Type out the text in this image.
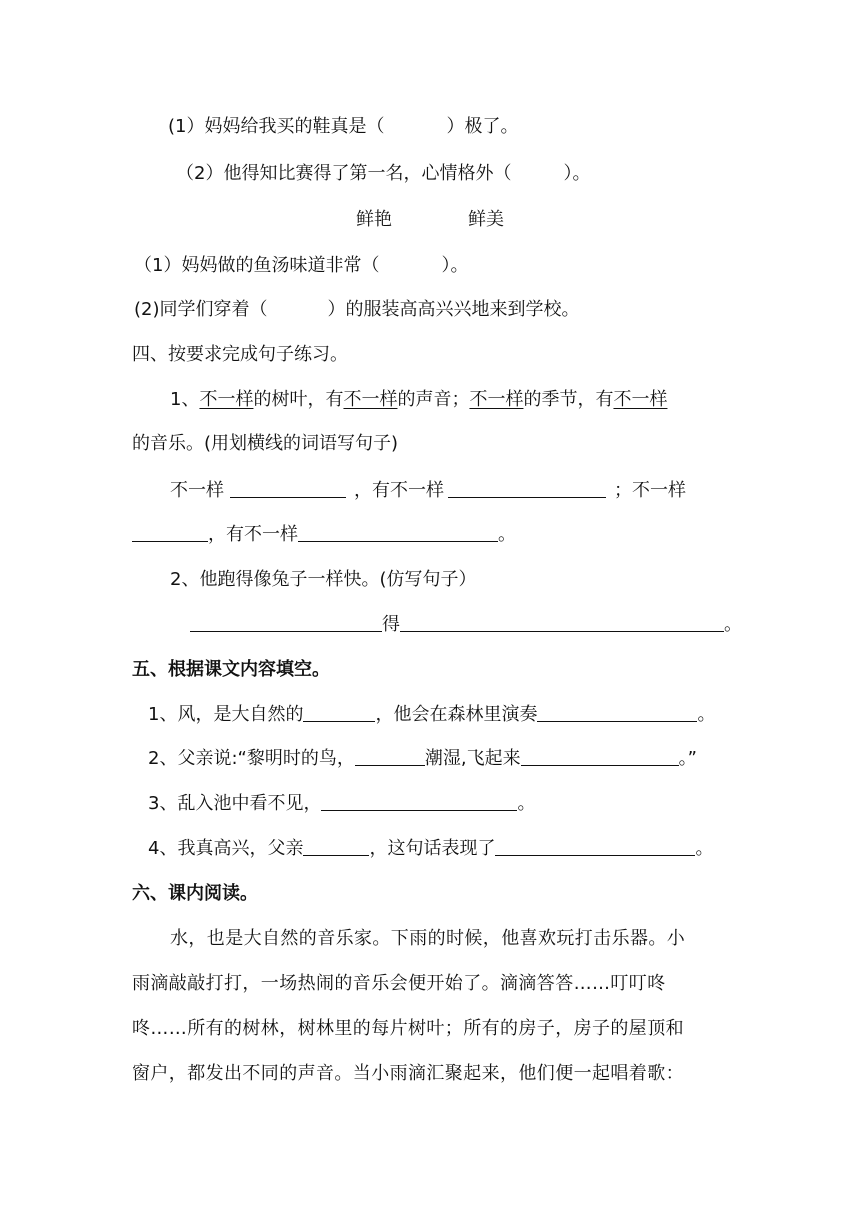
(1）妈妈给我买的鞋真是（	）极了。
（2）他得知比赛得了第一名，心情格外（	）。
鲜艳	鲜美
（1）妈妈做的鱼汤味道非常（	）。
(2)同学们穿着（	）的服装高高兴兴地来到学校。
四、按要求完成句子练习。
1、不一样的树叶，有不一样的声音；不一样的季节，有不一样
的音乐。(用划横线的词语写句子)
不一样	，有不一样	；不一样
，有不一样	。
2、他跑得像兔子一样快。(仿写句子）
得	。
五、根据课文内容填空。
1、风，是大自然的	，他会在森林里演奏	。
2、父亲说:“黎明时的鸟，	潮湿,飞起来	。”
3、乱入池中看不见，	。
4、我真高兴，父亲	，这句话表现了	。
六、课内阅读。
水，也是大自然的音乐家。下雨的时候，他喜欢玩打击乐器。小
雨滴敲敲打打，一场热闹的音乐会便开始了。滴滴答答……叮叮咚
咚……所有的树林，树林里的每片树叶；所有的房子，房子的屋顶和
窗户，都发出不同的声音。当小雨滴汇聚起来，他们便一起唱着歌：
